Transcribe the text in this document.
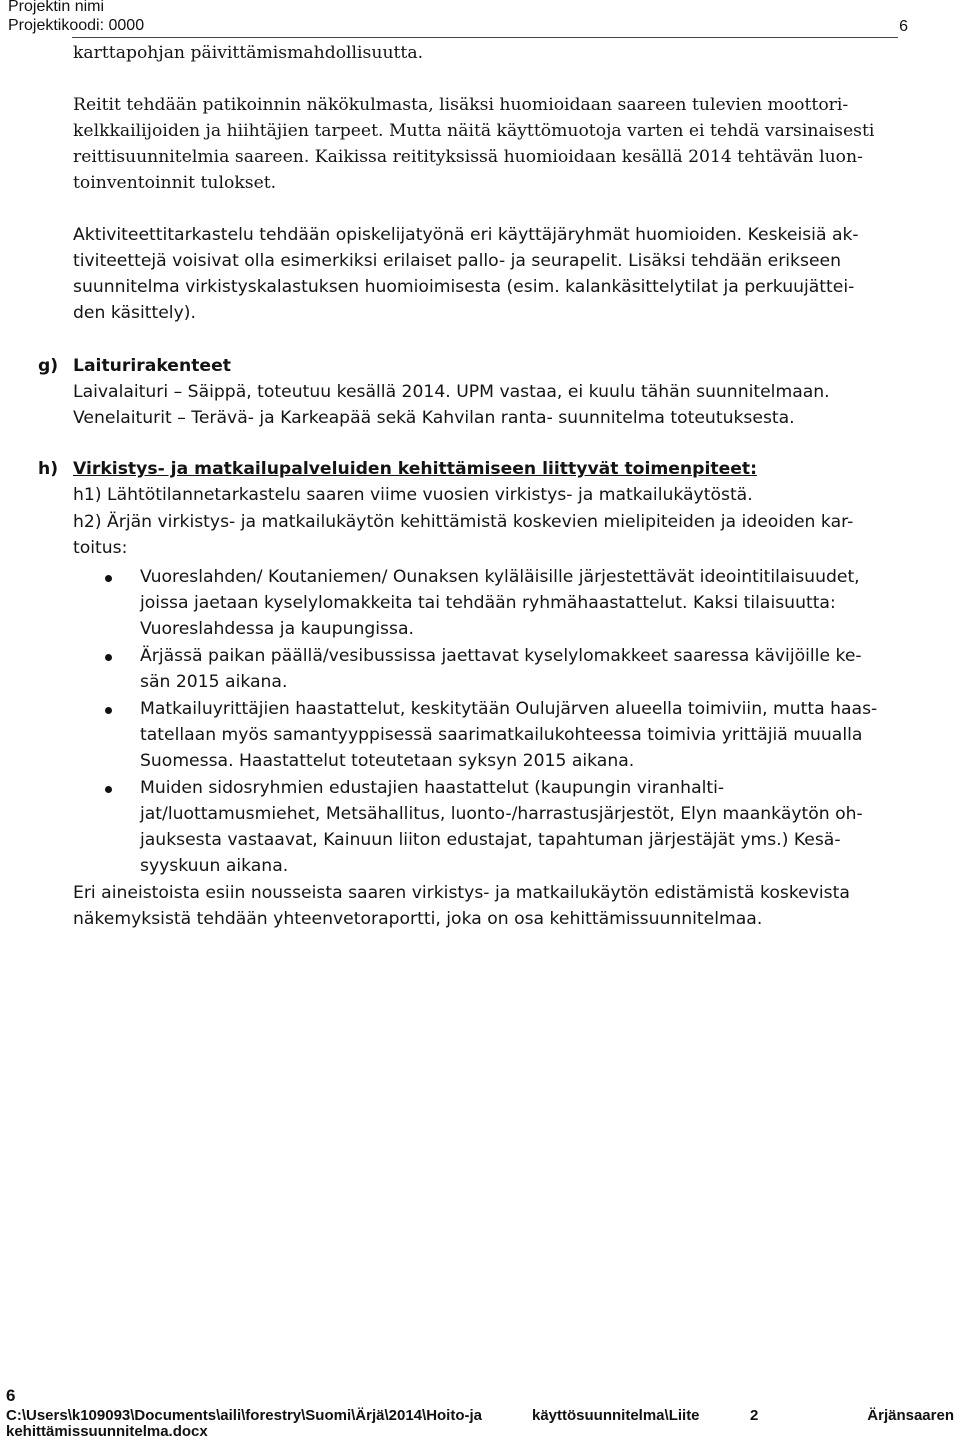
Projektin nimi
Projektikoodi: 0000	6

karttapohjan päivittämismahdollisuutta.

Reitit tehdään patikoinnin näkökulmasta, lisäksi huomioidaan saareen tulevien moottori-

kelkkailijoiden ja hiihtäjien tarpeet. Mutta näitä käyttömuotoja varten ei tehdä varsinaisesti

reittisuunnitelmia saareen. Kaikissa reitityksissä huomioidaan kesällä 2014 tehtävän luon-

toinventoinnit tulokset.

Aktiviteettitarkastelu tehdään opiskelijatyönä eri käyttäjäryhmät huomioiden. Keskeisiä ak-

tiviteettejä voisivat olla esimerkiksi erilaiset pallo- ja seurapelit. Lisäksi tehdään erikseen

suunnitelma virkistyskalastuksen huomioimisesta (esim. kalankäsittelytilat ja perkuujättei-

den käsittely).

g) Laiturirakenteet

Laivalaituri – Säippä, toteutuu kesällä 2014. UPM vastaa, ei kuulu tähän suunnitelmaan.

Venelaiturit – Terävä- ja Karkeapää sekä Kahvilan ranta- suunnitelma toteutuksesta.

h) Virkistys- ja matkailupalveluiden kehittämiseen liittyvät toimenpiteet:

h1) Lähtötilannetarkastelu saaren viime vuosien virkistys- ja matkailukäytöstä.

h2) Ärjän virkistys- ja matkailukäytön kehittämistä koskevien mielipiteiden ja ideoiden kar-

toitus:

Vuoreslahden/ Koutaniemen/ Ounaksen kyläläisille järjestettävät ideointitilaisuudet,

joissa jaetaan kyselylomakkeita tai tehdään ryhmähaastattelut. Kaksi tilaisuutta:

Vuoreslahdessa ja kaupungissa.

Ärjässä paikan päällä/vesibussissa jaettavat kyselylomakkeet saaressa kävijöille ke-

sän 2015 aikana.

Matkailuyrittäjien haastattelut, keskitytään Oulujärven alueella toimiviin, mutta haas-

tatellaan myös samantyyppisessä saarimatkailukohteessa toimivia yrittäjiä muualla

Suomessa. Haastattelut toteutetaan syksyn 2015 aikana.

Muiden sidosryhmien edustajien haastattelut (kaupungin viranhalti-

jat/luottamusmiehet, Metsähallitus, luonto-/harrastusjärjestöt, Elyn maankäytön oh-

jauksesta vastaavat, Kainuun liiton edustajat, tapahtuman järjestäjät yms.) Kesä-

syyskuun aikana.

Eri aineistoista esiin nousseista saaren virkistys- ja matkailukäytön edistämistä koskevista

näkemyksistä tehdään yhteenvetoraportti, joka on osa kehittämissuunnitelmaa.

6
C:\Users\k109093\Documents\aili\forestry\Suomi\Ärjä\2014\Hoito-ja	käyttösuunnitelma\Liite	2	Ärjänsaaren
kehittämissuunnitelma.docx
